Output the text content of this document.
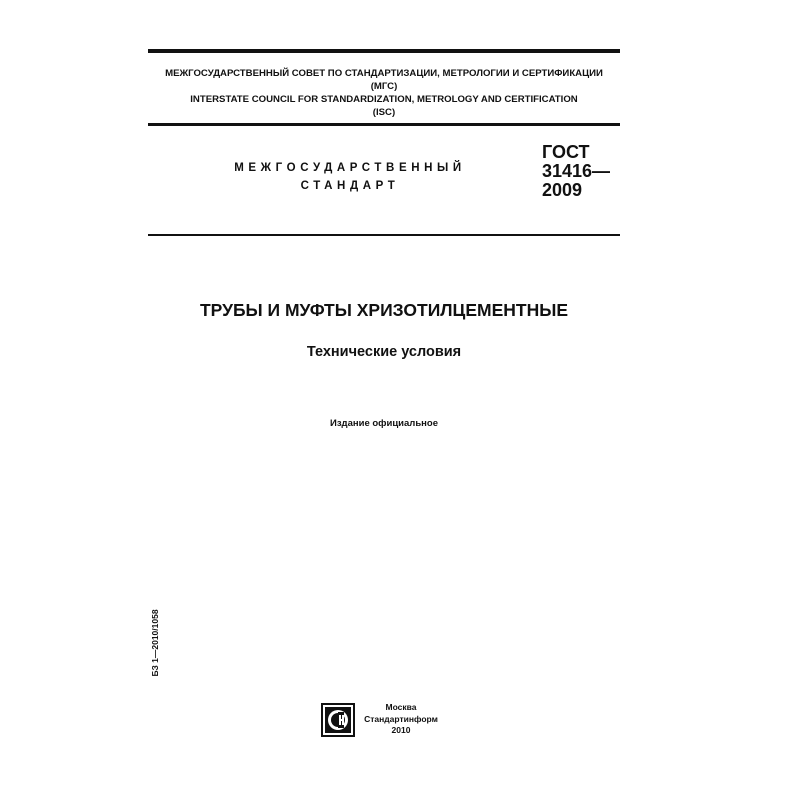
МЕЖГОСУДАРСТВЕННЫЙ СОВЕТ ПО СТАНДАРТИЗАЦИИ, МЕТРОЛОГИИ И СЕРТИФИКАЦИИ
(МГС)
INTERSTATE COUNCIL FOR STANDARDIZATION, METROLOGY AND CERTIFICATION
(ISC)
МЕЖГОСУДАРСТВЕННЫЙ
СТАНДАРТ
ГОСТ
31416—
2009
ТРУБЫ И МУФТЫ ХРИЗОТИЛЦЕМЕНТНЫЕ
Технические условия
Издание официальное
БЗ 1—2010/1058
Москва
Стандартинформ
2010
